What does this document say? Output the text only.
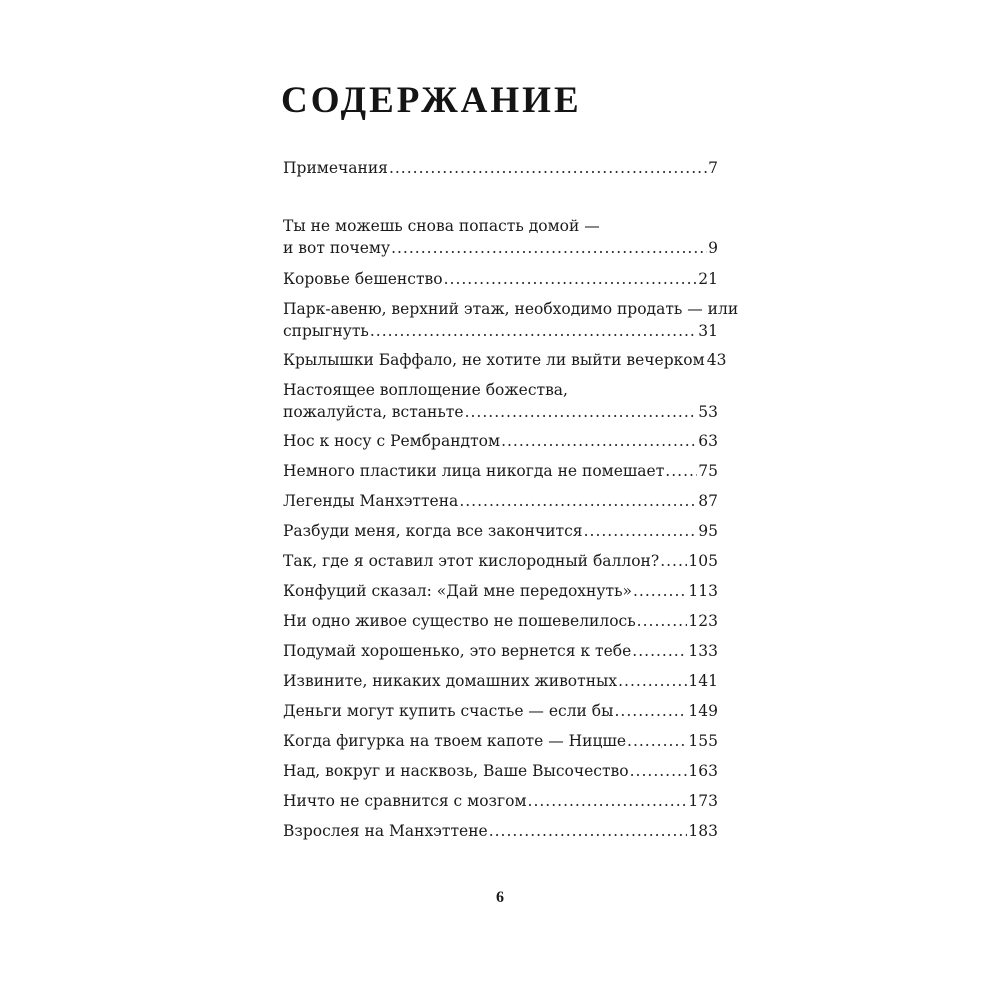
СОДЕРЖАНИЕ
Примечания .....	7
Ты не можешь снова попасть домой —
и вот почему .....	9
Коровье бешенство .....	21
Парк-авеню, верхний этаж, необходимо продать — или
спрыгнуть .....	31
Крылышки Баффало, не хотите ли выйти вечерком 43
Настоящее воплощение божества,
пожалуйста, встаньте .....	53
Нос к носу с Рембрандтом .....	63
Немного пластики лица никогда не помешает ..... 75
Легенды Манхэттена .....	87
Разбуди меня, когда все закончится .....	95
Так, где я оставил этот кислородный баллон? ..... 105
Конфуций сказал: «Дай мне передохнуть» .....	113
Ни одно живое существо не пошевелилось .....	123
Подумай хорошенько, это вернется к тебе .....	133
Извините, никаких домашних животных .....	141
Деньги могут купить счастье — если бы .....	149
Когда фигурка на твоем капоте — Ницше .....	155
Над, вокруг и насквозь, Ваше Высочество .....	163
Ничто не сравнится с мозгом .....	173
Взрослея на Манхэттене .....	183
6
